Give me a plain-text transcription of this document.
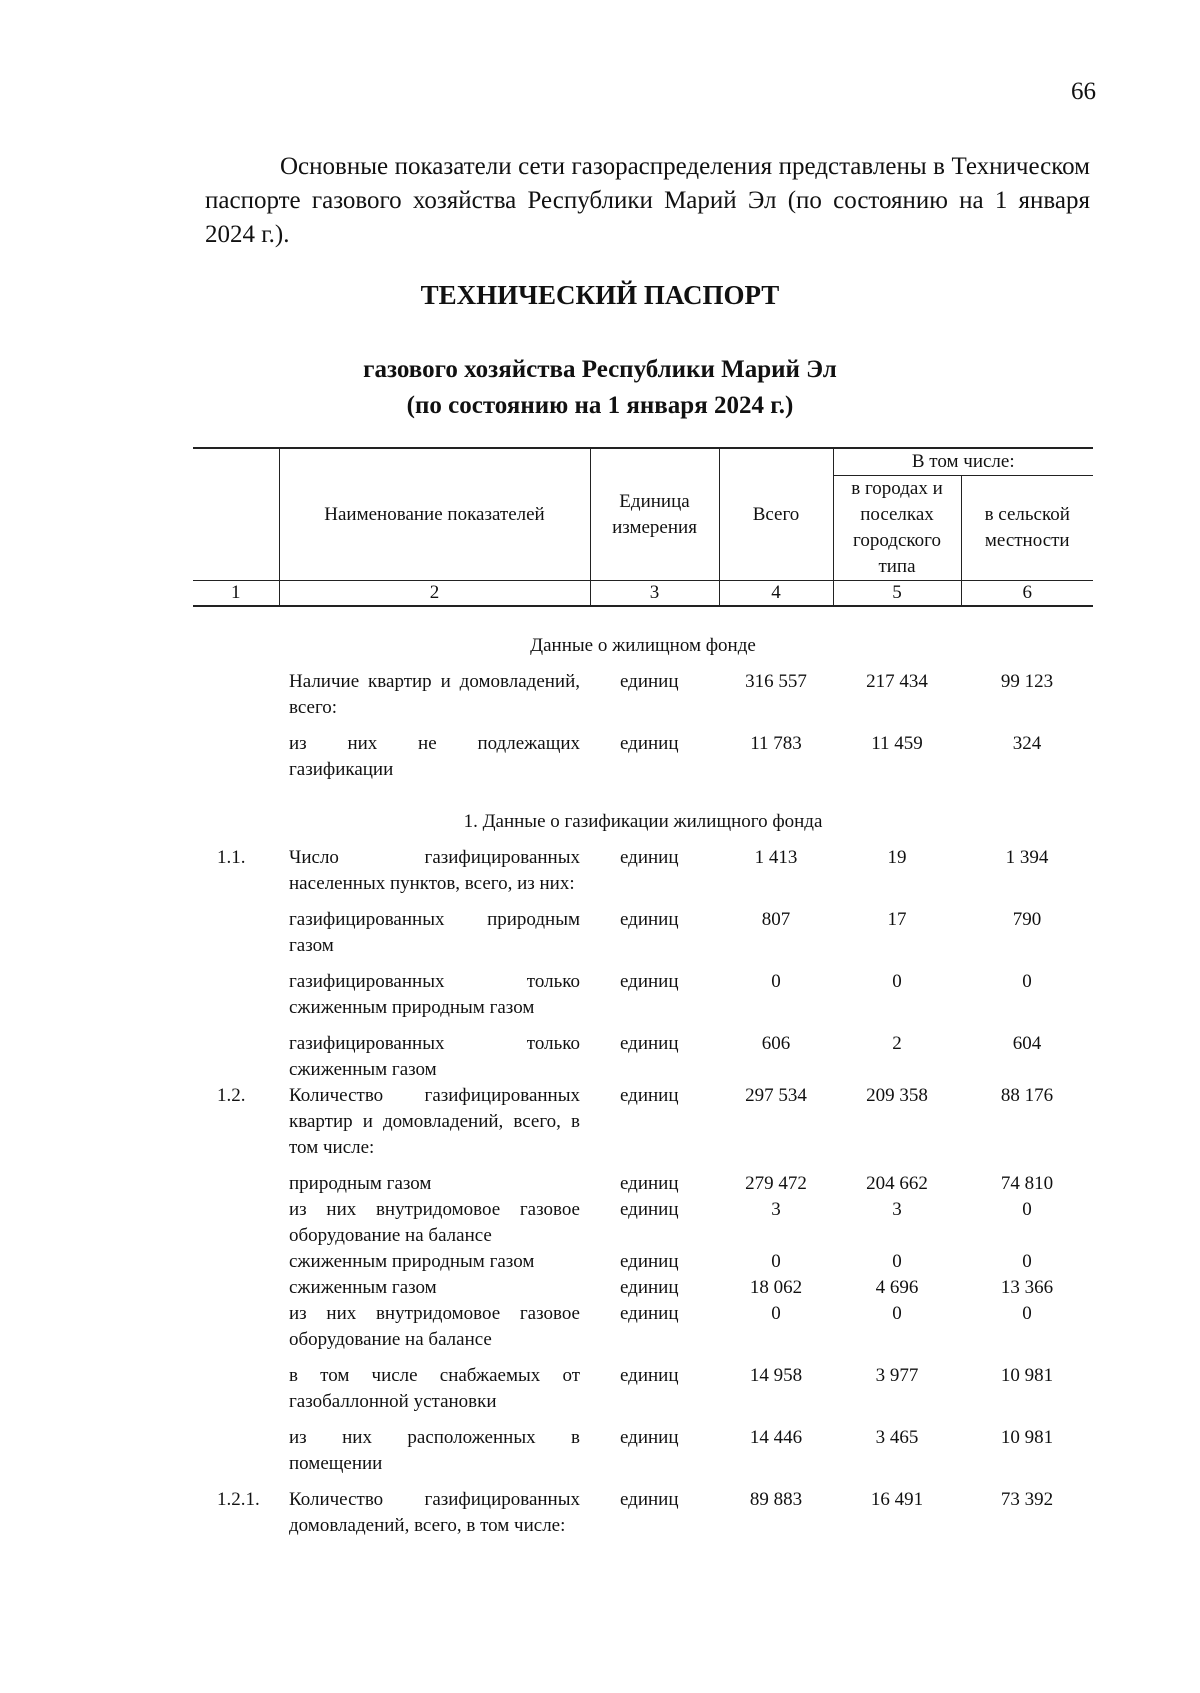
66

Основные показатели сети газораспределения представлены в Техническом паспорте газового хозяйства Республики Марий Эл (по состоянию на 1 января 2024 г.).

ТЕХНИЧЕСКИЙ ПАСПОРТ
газового хозяйства Республики Марий Эл
(по состоянию на 1 января 2024 г.)
	Наименование показателей	Единица измерения	Всего	В том числе:	
				в городах и поселках городского типа	в сельской местности
1	2	3	4	5	6
Данные о жилищном фонде					
	Наличие квартир и домовладений, всего:	единиц	316 557	217 434	99 123
	из них не подлежащих газификации	единиц	11 783	11 459	324
1. Данные о газификации жилищного фонда					
1.1.	Число газифицированных населенных пунктов, всего, из них:	единиц	1 413	19	1 394
	газифицированных природным газом	единиц	807	17	790
	газифицированных только сжиженным природным газом	единиц	0	0	0
	газифицированных только сжиженным газом	единиц	606	2	604
1.2.	Количество газифицированных квартир и домовладений, всего, в том числе:	единиц	297 534	209 358	88 176
	природным газом	единиц	279 472	204 662	74 810
	из них внутридомовое газовое оборудование на балансе	единиц	3	3	0
	сжиженным природным газом	единиц	0	0	0
	сжиженным газом	единиц	18 062	4 696	13 366
	из них внутридомовое газовое оборудование на балансе	единиц	0	0	0
	в том числе снабжаемых от газобаллонной установки	единиц	14 958	3 977	10 981
	из них расположенных в помещении	единиц	14 446	3 465	10 981
1.2.1.	Количество газифицированных домовладений, всего, в том числе:	единиц	89 883	16 491	73 392
